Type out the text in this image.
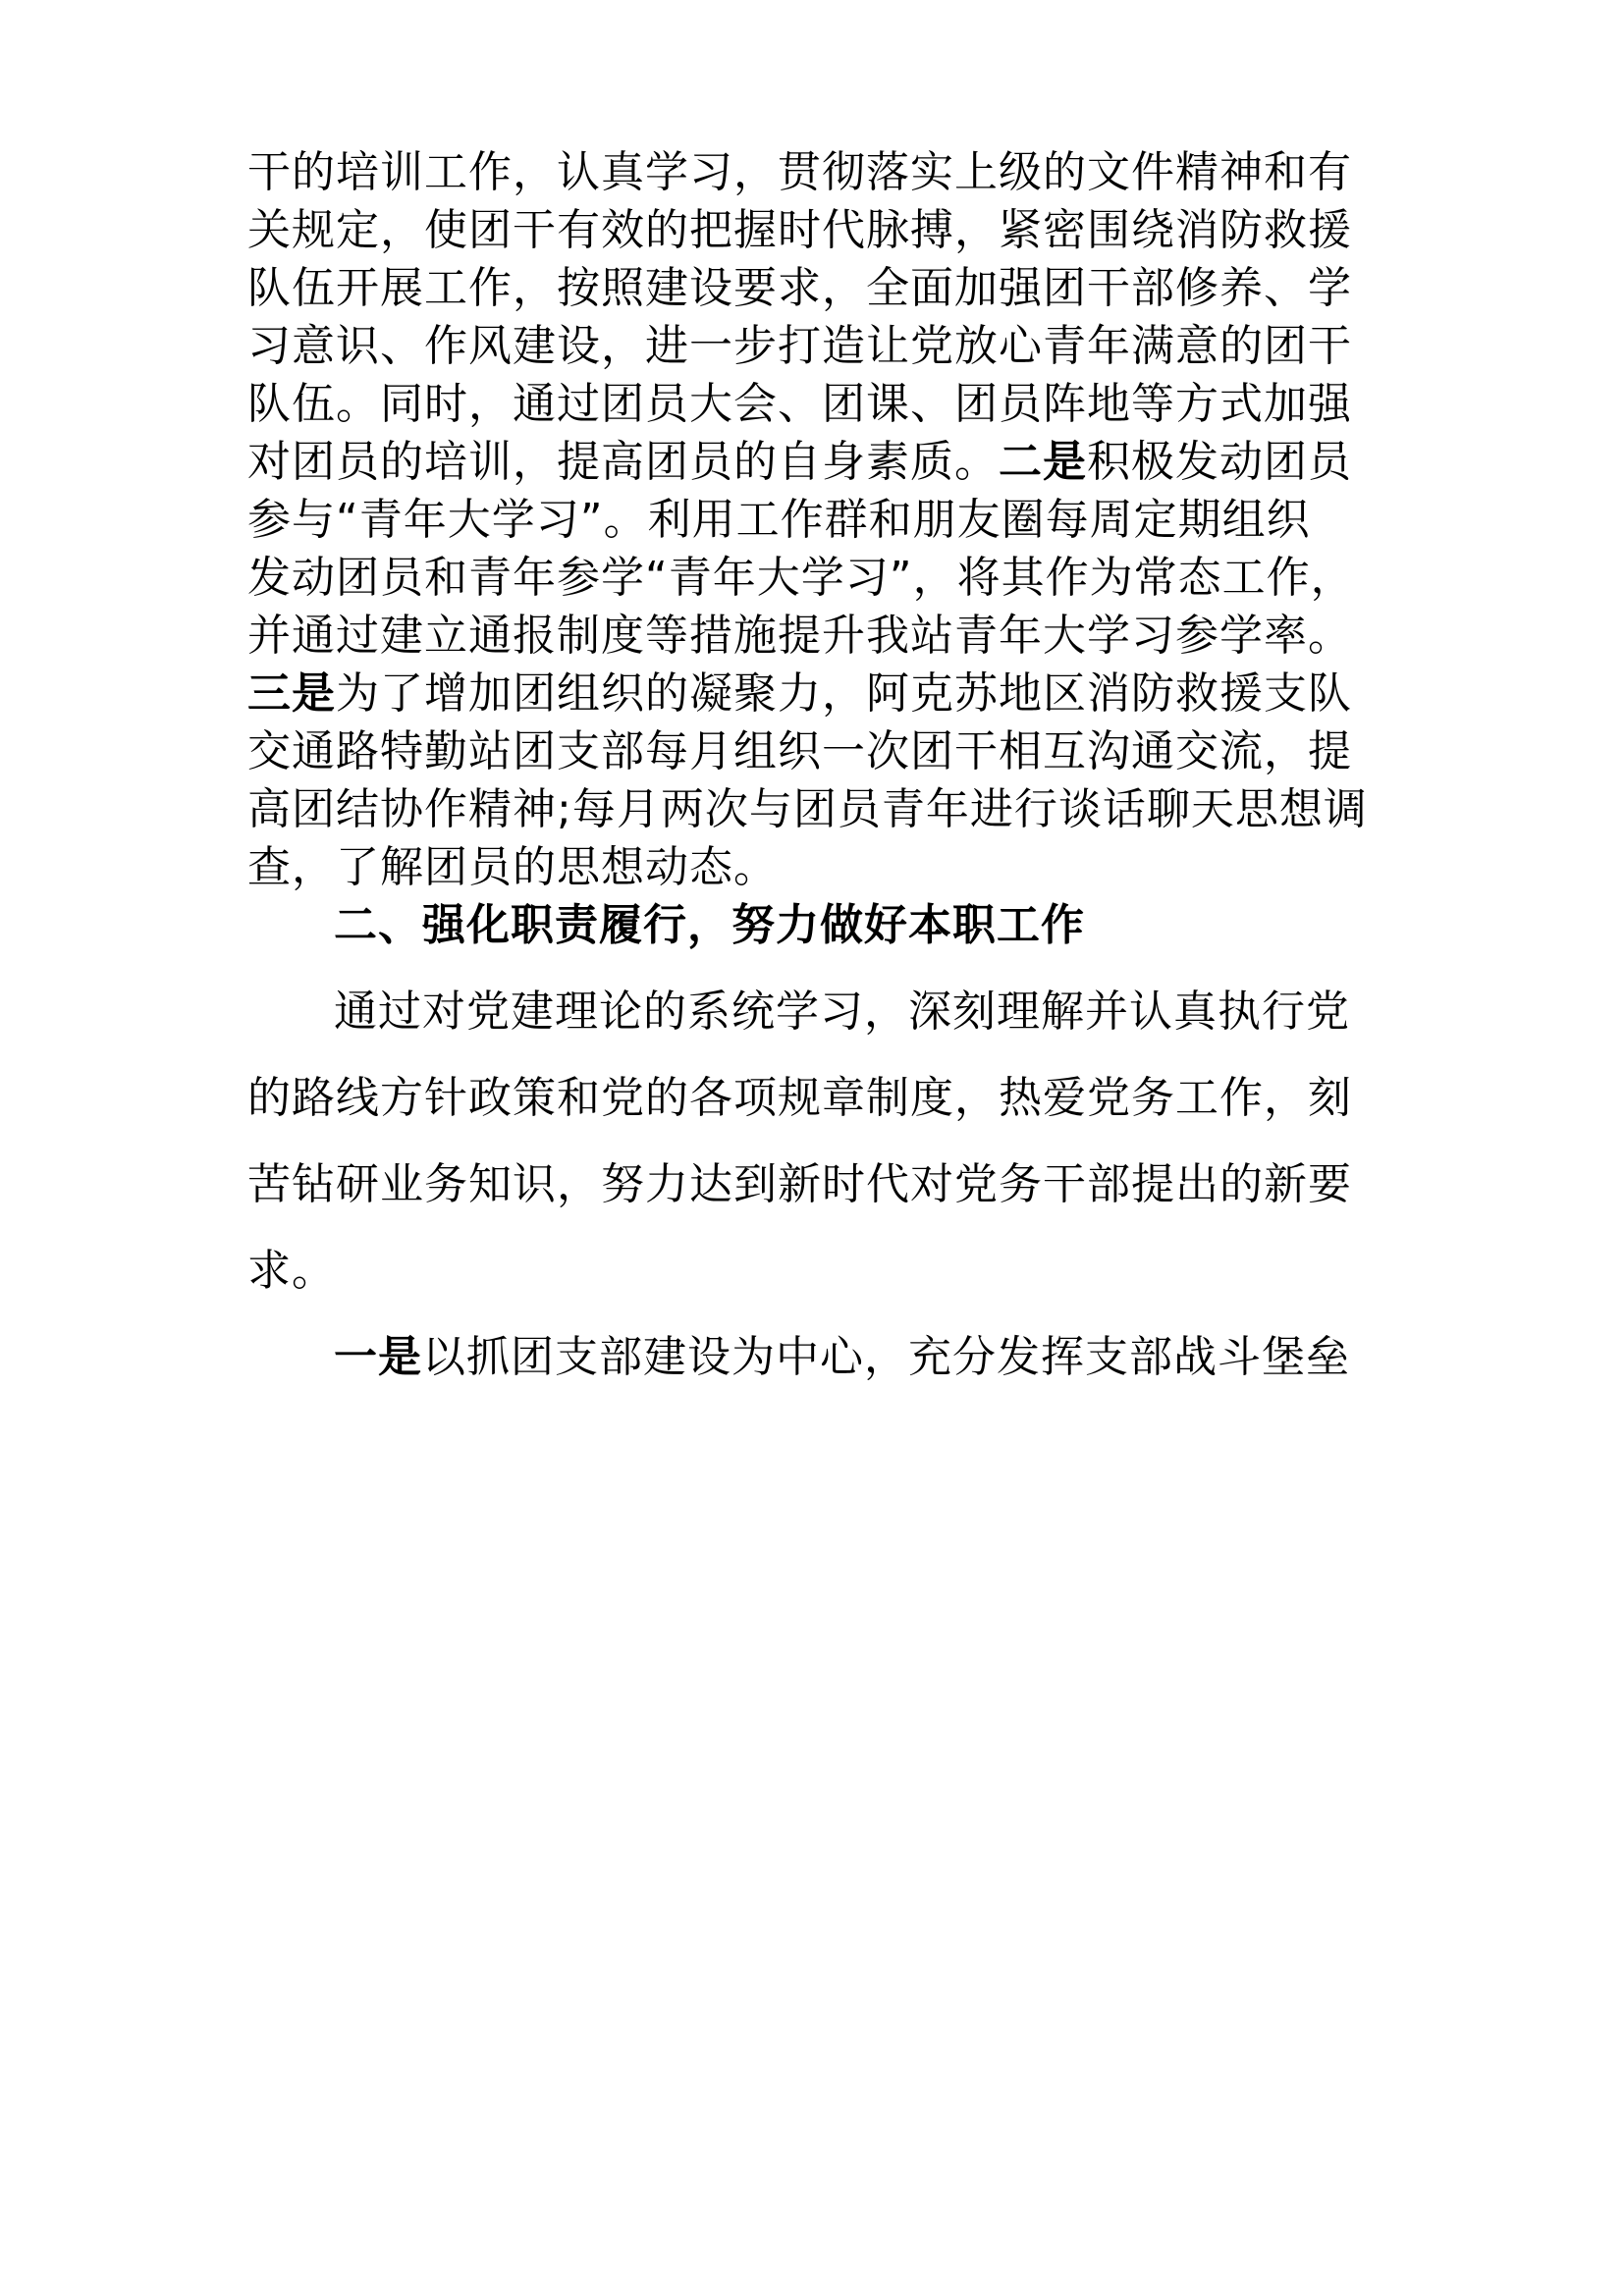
干的培训工作，认真学习，贯彻落实上级的文件精神和有
关规定，使团干有效的把握时代脉搏，紧密围绕消防救援
队伍开展工作，按照建设要求，全面加强团干部修养、学
习意识、作风建设，进一步打造让党放心青年满意的团干
队伍。同时，通过团员大会、团课、团员阵地等方式加强
对团员的培训，提高团员的自身素质。二是积极发动团员
参与“青年大学习”。利用工作群和朋友圈每周定期组织
发动团员和青年参学“青年大学习”，将其作为常态工作，
并通过建立通报制度等措施提升我站青年大学习参学率。
三是为了增加团组织的凝聚力，阿克苏地区消防救援支队
交通路特勤站团支部每月组织一次团干相互沟通交流，提
高团结协作精神;每月两次与团员青年进行谈话聊天思想调
查，了解团员的思想动态。
二、强化职责履行，努力做好本职工作
通过对党建理论的系统学习，深刻理解并认真执行党
的路线方针政策和党的各项规章制度，热爱党务工作，刻
苦钻研业务知识，努力达到新时代对党务干部提出的新要
求。
一是以抓团支部建设为中心，充分发挥支部战斗堡垒
